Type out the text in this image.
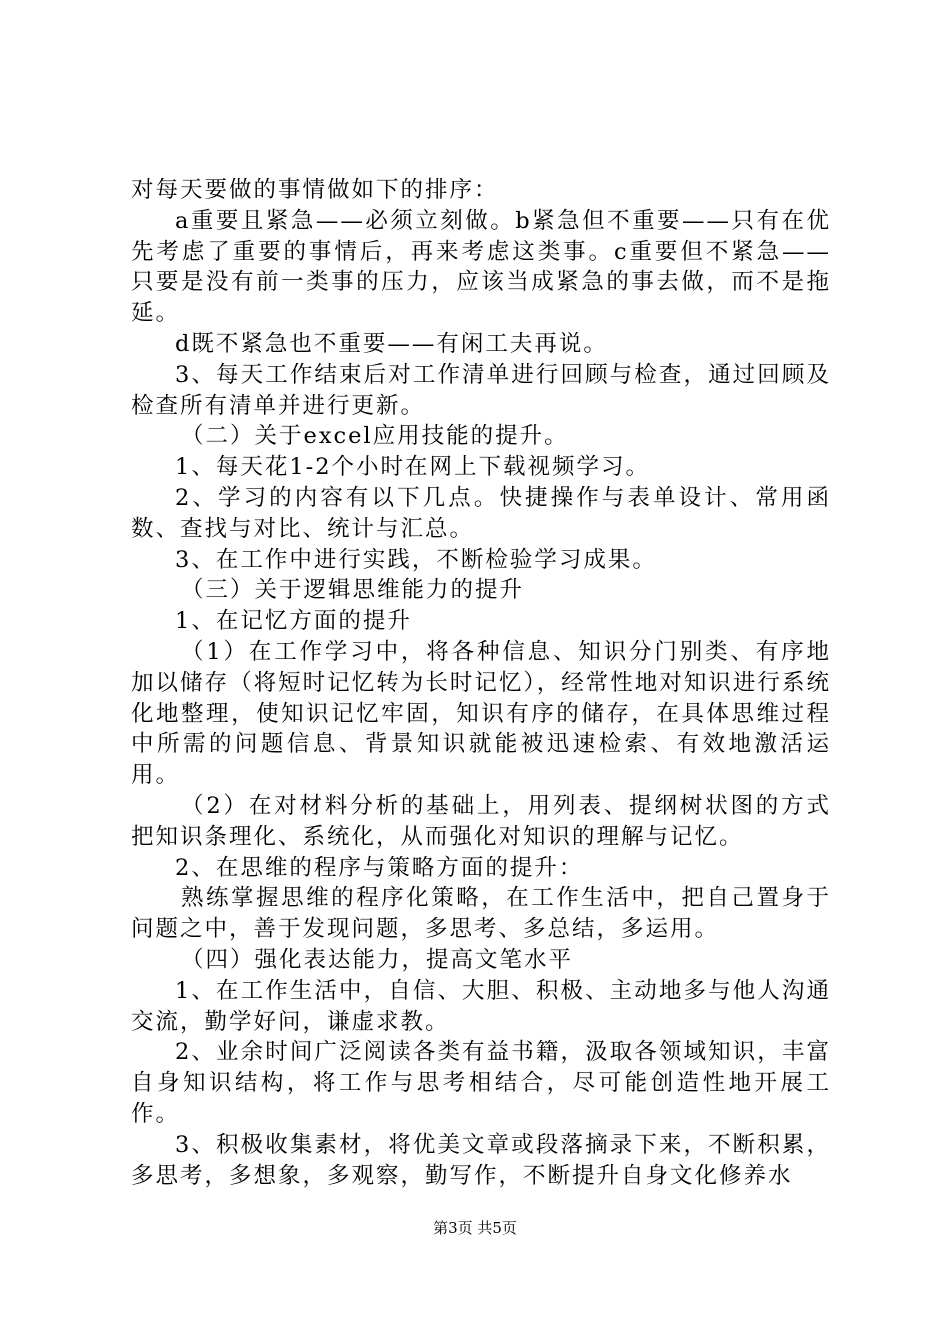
对每天要做的事情做如下的排序：

a重要且紧急——必须立刻做。b紧急但不重要——只有在优先考虑了重要的事情后，再来考虑这类事。c重要但不紧急——只要是没有前一类事的压力，应该当成紧急的事去做，而不是拖延。

d既不紧急也不重要——有闲工夫再说。

3、每天工作结束后对工作清单进行回顾与检查，通过回顾及检查所有清单并进行更新。

（二）关于excel应用技能的提升。

1、每天花1-2个小时在网上下载视频学习。

2、学习的内容有以下几点。快捷操作与表单设计、常用函数、查找与对比、统计与汇总。

3、在工作中进行实践，不断检验学习成果。

（三）关于逻辑思维能力的提升

1、在记忆方面的提升

（1）在工作学习中，将各种信息、知识分门别类、有序地加以储存（将短时记忆转为长时记忆），经常性地对知识进行系统化地整理，使知识记忆牢固，知识有序的储存，在具体思维过程中所需的问题信息、背景知识就能被迅速检索、有效地激活运用。

（2）在对材料分析的基础上，用列表、提纲树状图的方式把知识条理化、系统化，从而强化对知识的理解与记忆。

2、在思维的程序与策略方面的提升：

熟练掌握思维的程序化策略，在工作生活中，把自己置身于问题之中，善于发现问题，多思考、多总结，多运用。

（四）强化表达能力，提高文笔水平

1、在工作生活中，自信、大胆、积极、主动地多与他人沟通交流，勤学好问，谦虚求教。

2、业余时间广泛阅读各类有益书籍，汲取各领域知识，丰富自身知识结构，将工作与思考相结合，尽可能创造性地开展工作。

3、积极收集素材，将优美文章或段落摘录下来，不断积累，多思考，多想象，多观察，勤写作，不断提升自身文化修养水

第3页 共5页
